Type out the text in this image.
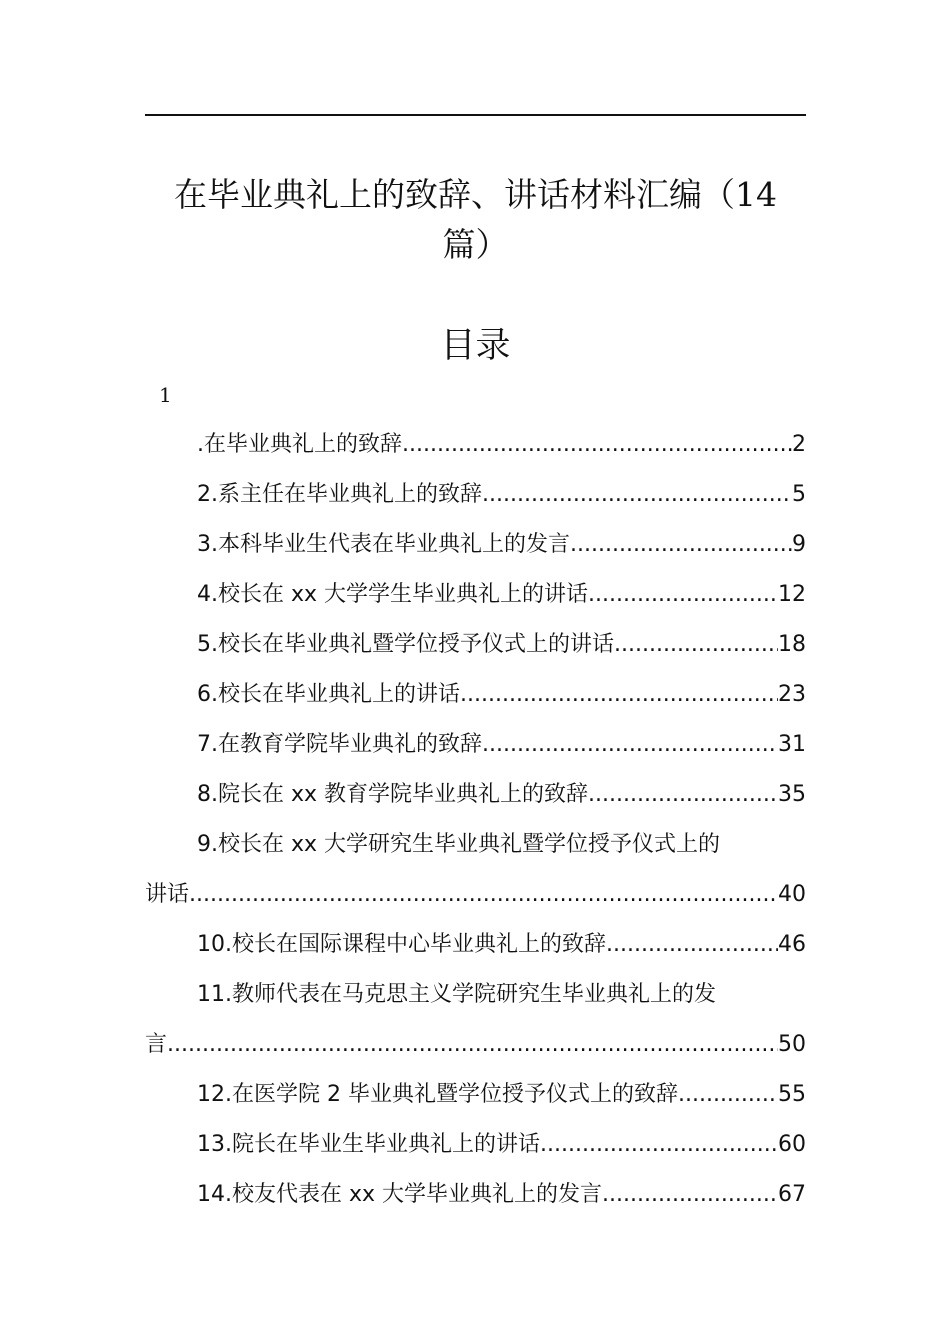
在毕业典礼上的致辞、讲话材料汇编（14
篇）
目录
1
.在毕业典礼上的致辞 .....	2
2.系主任在毕业典礼上的致辞 .....	5
3.本科毕业生代表在毕业典礼上的发言 .....	9
4.校长在 xx 大学学生毕业典礼上的讲话 .....	12
5.校长在毕业典礼暨学位授予仪式上的讲话 .....	18
6.校长在毕业典礼上的讲话 .....	23
7.在教育学院毕业典礼的致辞 .....	31
8.院长在 xx 教育学院毕业典礼上的致辞 .....	35
9.校长在 xx 大学研究生毕业典礼暨学位授予仪式上的
讲话 .....	40
10.校长在国际课程中心毕业典礼上的致辞 .....	46
11.教师代表在马克思主义学院研究生毕业典礼上的发
言 .....	50
12.在医学院 2 毕业典礼暨学位授予仪式上的致辞 .....	55
13.院长在毕业生毕业典礼上的讲话 .....	60
14.校友代表在 xx 大学毕业典礼上的发言 .....	67
